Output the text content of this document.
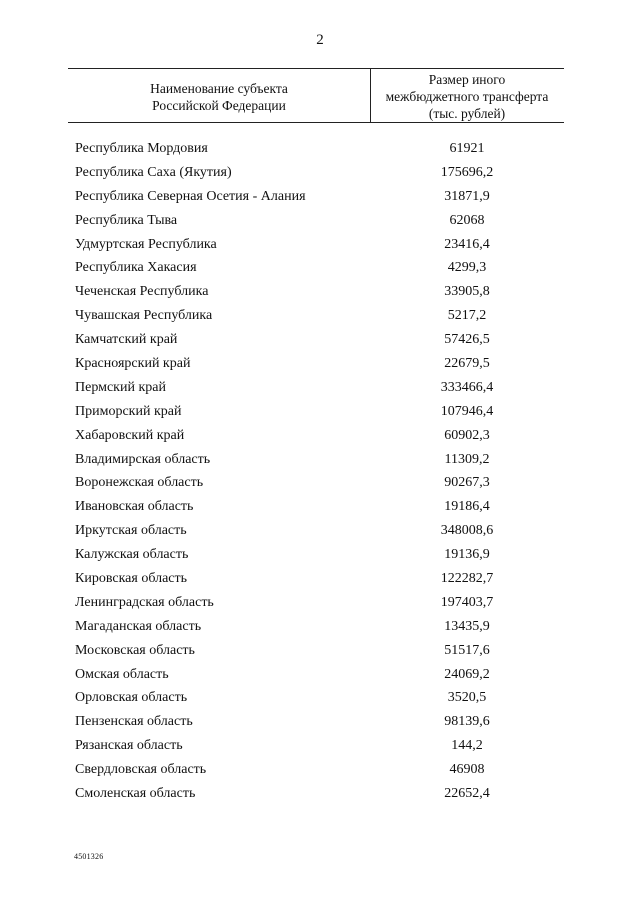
2
Наименование субъекта
Российской Федерации
Размер иного
межбюджетного трансферта
(тыс. рублей)
Республика Мордовия	61921
Республика Саха (Якутия)	175696,2
Республика Северная Осетия - Алания	31871,9
Республика Тыва	62068
Удмуртская Республика	23416,4
Республика Хакасия	4299,3
Чеченская Республика	33905,8
Чувашская Республика	5217,2
Камчатский край	57426,5
Красноярский край	22679,5
Пермский край	333466,4
Приморский край	107946,4
Хабаровский край	60902,3
Владимирская область	11309,2
Воронежская область	90267,3
Ивановская область	19186,4
Иркутская область	348008,6
Калужская область	19136,9
Кировская область	122282,7
Ленинградская область	197403,7
Магаданская область	13435,9
Московская область	51517,6
Омская область	24069,2
Орловская область	3520,5
Пензенская область	98139,6
Рязанская область	144,2
Свердловская область	46908
Смоленская область	22652,4
4501326
